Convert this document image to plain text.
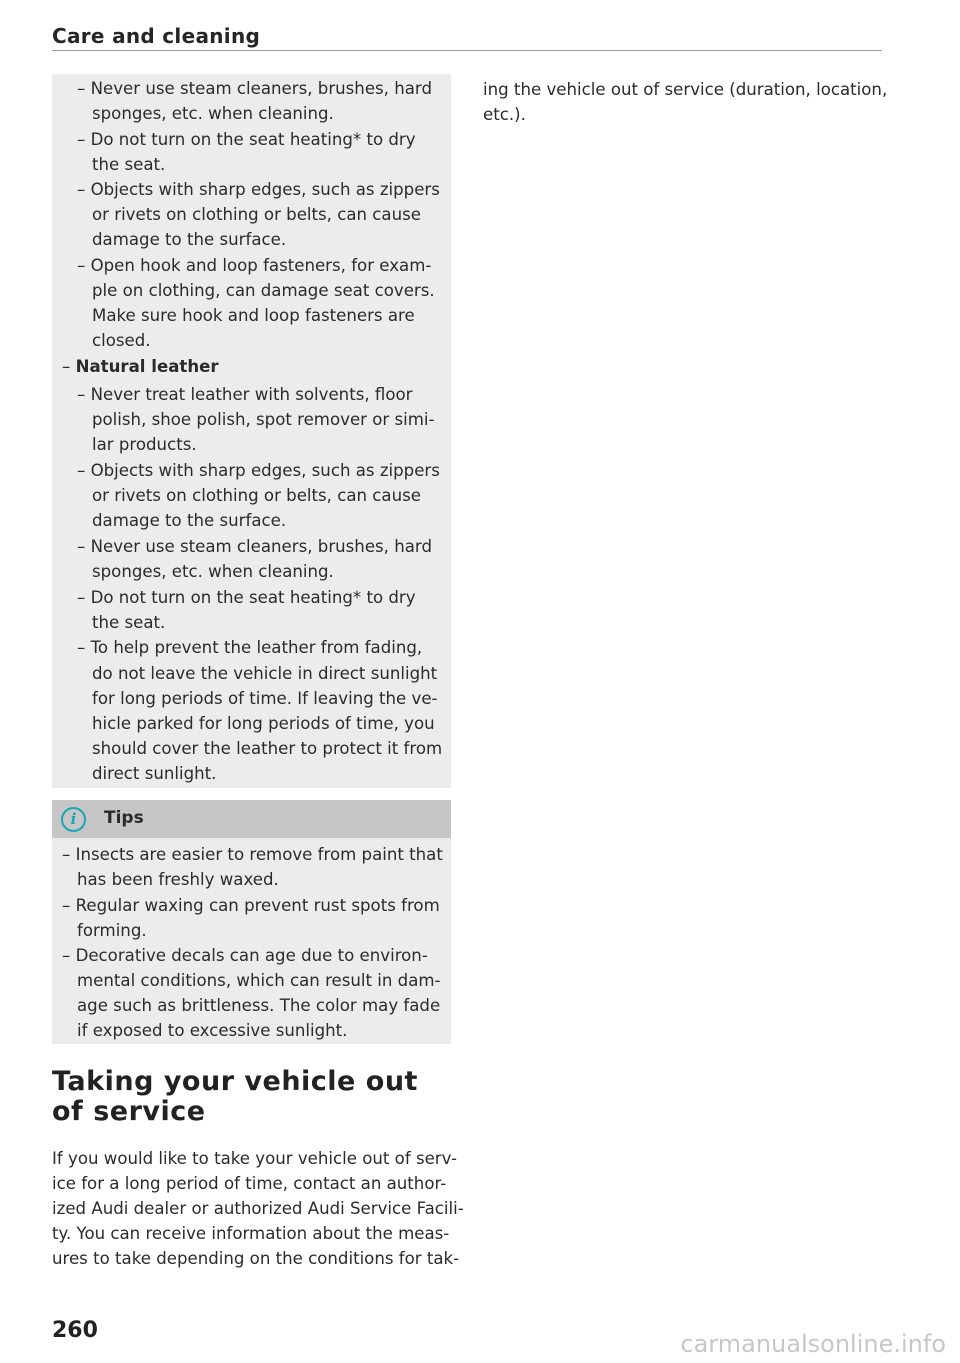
Care and cleaning
– Never use steam cleaners, brushes, hard
sponges, etc. when cleaning.
– Do not turn on the seat heating* to dry
the seat.
– Objects with sharp edges, such as zippers
or rivets on clothing or belts, can cause
damage to the surface.
– Open hook and loop fasteners, for exam-
ple on clothing, can damage seat covers.
Make sure hook and loop fasteners are
closed.
– Natural leather
– Never treat leather with solvents, floor
polish, shoe polish, spot remover or simi-
lar products.
– Objects with sharp edges, such as zippers
or rivets on clothing or belts, can cause
damage to the surface.
– Never use steam cleaners, brushes, hard
sponges, etc. when cleaning.
– Do not turn on the seat heating* to dry
the seat.
– To help prevent the leather from fading,
do not leave the vehicle in direct sunlight
for long periods of time. If leaving the ve-
hicle parked for long periods of time, you
should cover the leather to protect it from
direct sunlight.
i	Tips
– Insects are easier to remove from paint that
has been freshly waxed.
– Regular waxing can prevent rust spots from
forming.
– Decorative decals can age due to environ-
mental conditions, which can result in dam-
age such as brittleness. The color may fade
if exposed to excessive sunlight.
Taking your vehicle out
of service
If you would like to take your vehicle out of serv-
ice for a long period of time, contact an author-
ized Audi dealer or authorized Audi Service Facili-
ty. You can receive information about the meas-
ures to take depending on the conditions for tak-
ing the vehicle out of service (duration, location,
etc.).
260	carmanualsonline.info
